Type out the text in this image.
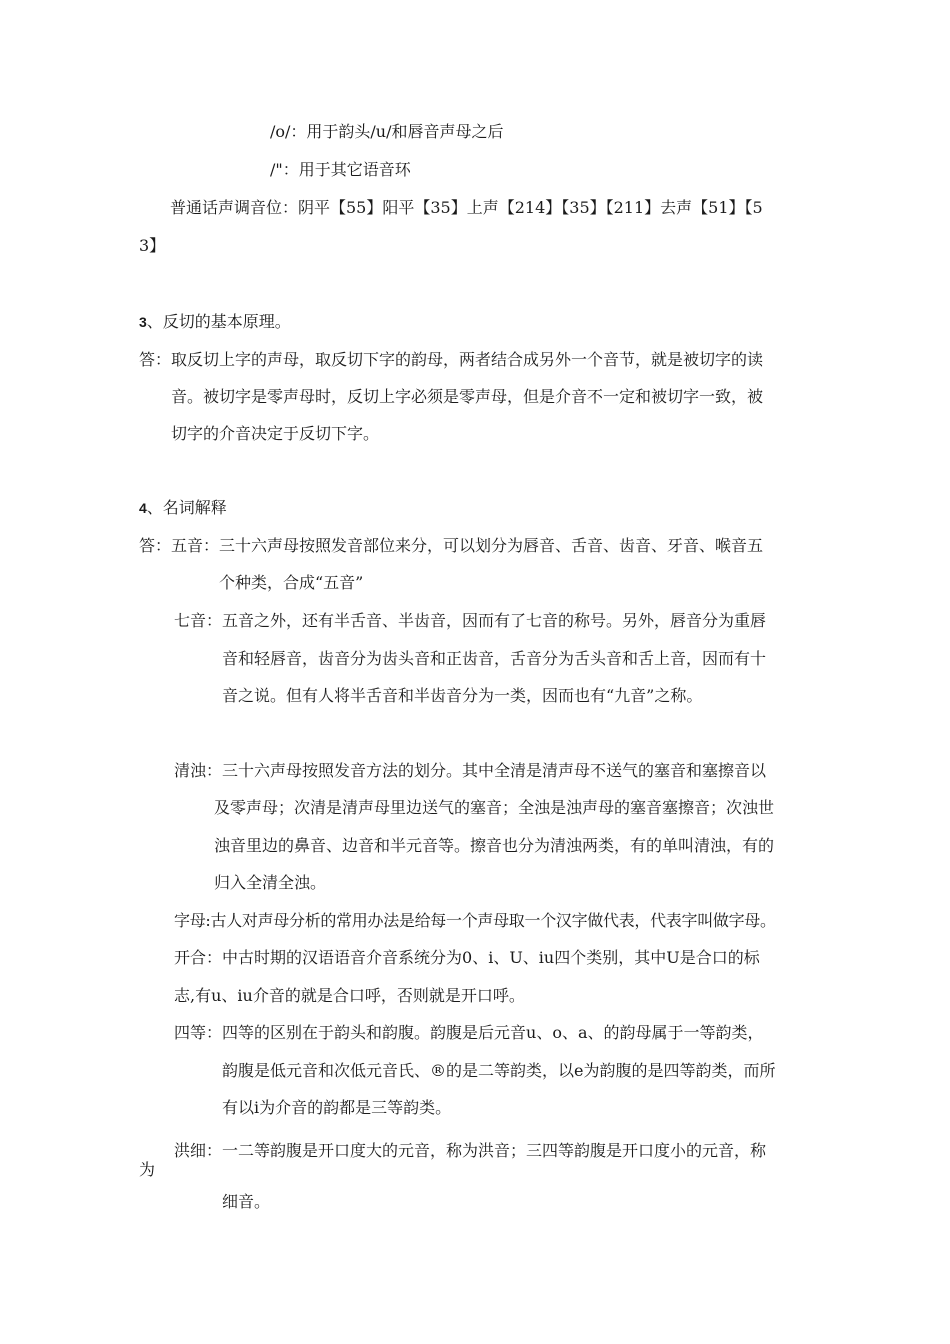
/o/：用于韵头/u/和唇音声母之后
/"：用于其它语音环
普通话声调音位：阴平【55】阳平【35】上声【214】【35】【211】去声【51】【5
3】
3、反切的基本原理。
答：取反切上字的声母，取反切下字的韵母，两者结合成另外一个音节，就是被切字的读
音。被切字是零声母时，反切上字必须是零声母，但是介音不一定和被切字一致，被
切字的介音决定于反切下字。
4、名词解释
答：五音：三十六声母按照发音部位来分，可以划分为唇音、舌音、齿音、牙音、喉音五
个种类，合成“五音”
七音：五音之外，还有半舌音、半齿音，因而有了七音的称号。另外，唇音分为重唇
音和轻唇音，齿音分为齿头音和正齿音，舌音分为舌头音和舌上音，因而有十
音之说。但有人将半舌音和半齿音分为一类，因而也有“九音”之称。
清浊：三十六声母按照发音方法的划分。其中全清是清声母不送气的塞音和塞擦音以
及零声母；次清是清声母里边送气的塞音；全浊是浊声母的塞音塞擦音；次浊世
浊音里边的鼻音、边音和半元音等。擦音也分为清浊两类，有的单叫清浊，有的
归入全清全浊。
字母:古人对声母分析的常用办法是给每一个声母取一个汉字做代表，代表字叫做字母。
开合：中古时期的汉语语音介音系统分为0、i、U、iu四个类别，其中U是合口的标
志,有u、iu介音的就是合口呼，否则就是开口呼。
四等：四等的区别在于韵头和韵腹。韵腹是后元音u、o、a、的韵母属于一等韵类，
韵腹是低元音和次低元音氏、®的是二等韵类，以e为韵腹的是四等韵类，而所
有以i为介音的韵都是三等韵类。
洪细：一二等韵腹是开口度大的元音，称为洪音；三四等韵腹是开口度小的元音，称
为
细音。
